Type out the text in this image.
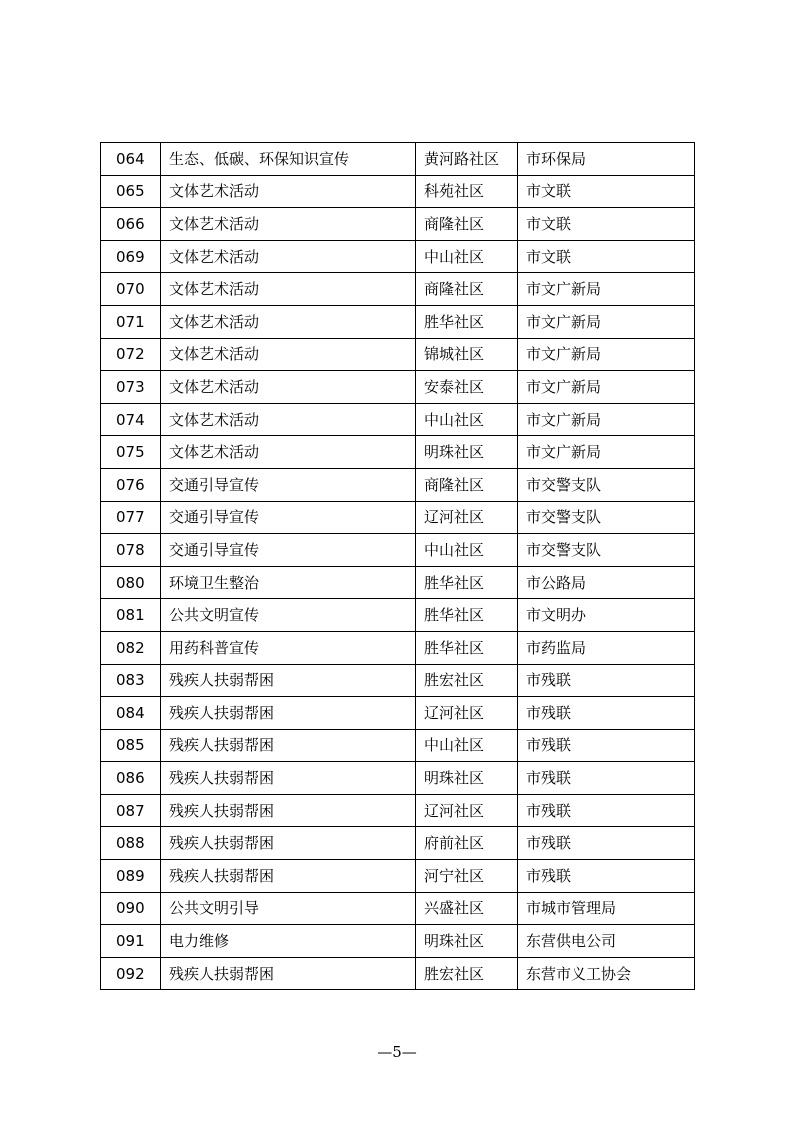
064	生态、低碳、环保知识宣传	黄河路社区	市环保局
065	文体艺术活动	科苑社区	市文联
066	文体艺术活动	商隆社区	市文联
069	文体艺术活动	中山社区	市文联
070	文体艺术活动	商隆社区	市文广新局
071	文体艺术活动	胜华社区	市文广新局
072	文体艺术活动	锦城社区	市文广新局
073	文体艺术活动	安泰社区	市文广新局
074	文体艺术活动	中山社区	市文广新局
075	文体艺术活动	明珠社区	市文广新局
076	交通引导宣传	商隆社区	市交警支队
077	交通引导宣传	辽河社区	市交警支队
078	交通引导宣传	中山社区	市交警支队
080	环境卫生整治	胜华社区	市公路局
081	公共文明宣传	胜华社区	市文明办
082	用药科普宣传	胜华社区	市药监局
083	残疾人扶弱帮困	胜宏社区	市残联
084	残疾人扶弱帮困	辽河社区	市残联
085	残疾人扶弱帮困	中山社区	市残联
086	残疾人扶弱帮困	明珠社区	市残联
087	残疾人扶弱帮困	辽河社区	市残联
088	残疾人扶弱帮困	府前社区	市残联
089	残疾人扶弱帮困	河宁社区	市残联
090	公共文明引导	兴盛社区	市城市管理局
091	电力维修	明珠社区	东营供电公司
092	残疾人扶弱帮困	胜宏社区	东营市义工协会
—5—
